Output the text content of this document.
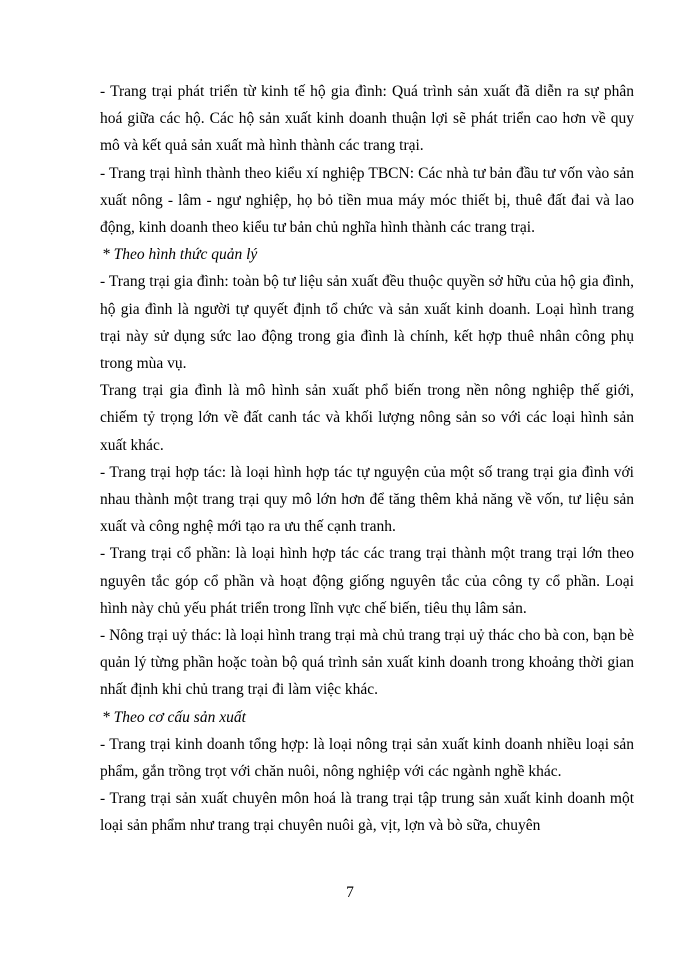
- Trang trại phát triển từ kinh tế hộ gia đình: Quá trình sản xuất đã diễn ra sự phân hoá giữa các hộ. Các hộ sản xuất kinh doanh thuận lợi sẽ phát triển cao hơn về quy mô và kết quả sản xuất mà hình thành các trang trại.

- Trang trại hình thành theo kiểu xí nghiệp TBCN: Các nhà tư bản đầu tư vốn vào sản xuất nông - lâm - ngư nghiệp, họ bỏ tiền mua máy móc thiết bị, thuê đất đai và lao động, kinh doanh theo kiểu tư bản chủ nghĩa hình thành các trang trại.

* Theo hình thức quản lý

- Trang trại gia đình: toàn bộ tư liệu sản xuất đều thuộc quyền sở hữu của hộ gia đình, hộ gia đình là người tự quyết định tổ chức và sản xuất kinh doanh. Loại hình trang trại này sử dụng sức lao động trong gia đình là chính, kết hợp thuê nhân công phụ trong mùa vụ.

Trang trại gia đình là mô hình sản xuất phổ biến trong nền nông nghiệp thế giới, chiếm tỷ trọng lớn về đất canh tác và khối lượng nông sản so với các loại hình sản xuất khác.

- Trang trại hợp tác: là loại hình hợp tác tự nguyện của một số trang trại gia đình với nhau thành một trang trại quy mô lớn hơn để tăng thêm khả năng về vốn, tư liệu sản xuất và công nghệ mới tạo ra ưu thế cạnh tranh.

- Trang trại cổ phần: là loại hình hợp tác các trang trại thành một trang trại lớn theo nguyên tắc góp cổ phần và hoạt động giống nguyên tắc của công ty cổ phần. Loại hình này chủ yếu phát triển trong lĩnh vực chế biến, tiêu thụ lâm sản.

- Nông trại uỷ thác: là loại hình trang trại mà chủ trang trại uỷ thác cho bà con, bạn bè quản lý từng phần hoặc toàn bộ quá trình sản xuất kinh doanh trong khoảng thời gian nhất định khi chủ trang trại đi làm việc khác.

* Theo cơ cấu sản xuất

- Trang trại kinh doanh tổng hợp: là loại nông trại sản xuất kinh doanh nhiều loại sản phẩm, gắn trồng trọt với chăn nuôi, nông nghiệp với các ngành nghề khác.

- Trang trại sản xuất chuyên môn hoá là trang trại tập trung sản xuất kinh doanh một loại sản phẩm như trang trại chuyên nuôi gà, vịt, lợn và bò sữa, chuyên

7
